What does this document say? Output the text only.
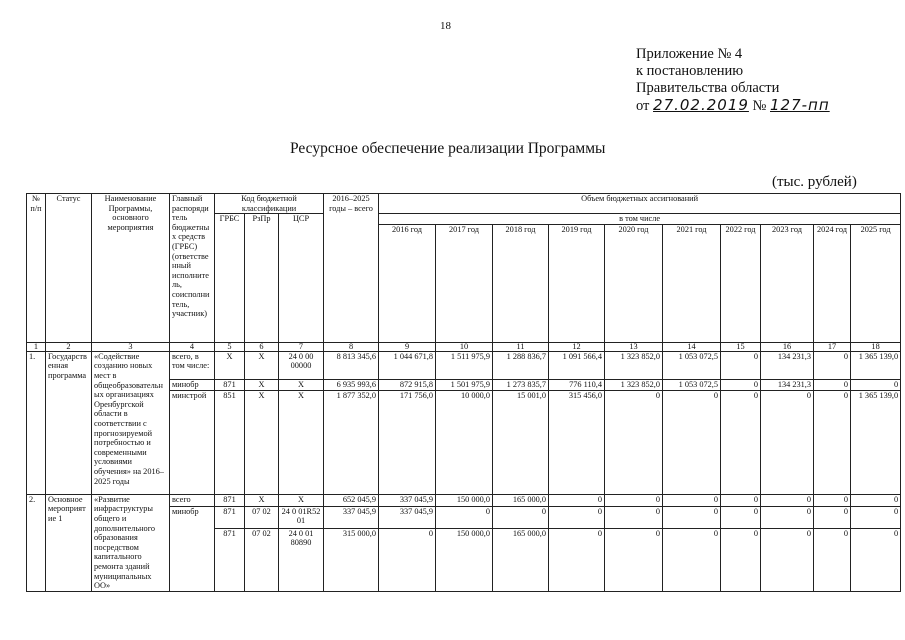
18
Приложение № 4
к постановлению
Правительства области
от 27.02.2019 № 127-пп
Ресурсное обеспечение реализации Программы
(тыс. рублей)
№ п/п	Статус	Наименование Программы, основного мероприятия	Главный распорядитель бюджетных средств (ГРБС) (ответственный исполнитель, соисполнитель, участник)	Код бюджетной классификации			2016–2025 годы – всего	Объем бюджетных ассигнований									
				ГРБС	РзПр	ЦСР		в том числе									
								2016 год	2017 год	2018 год	2019 год	2020 год	2021 год	2022 год	2023 год	2024 год	2025 год
1	2	3	4	5	6	7	8	9	10	11	12	13	14	15	16	17	18
1.	Государственная программа	«Содействие созданию новых мест в общеобразовательных организациях Оренбургской области в соответствии с прогнозируемой потребностью и современными условиями обучения» на 2016–2025 годы	всего, в том числе:	X	X	24 0 00 00000	8 813 345,6	1 044 671,8	1 511 975,9	1 288 836,7	1 091 566,4	1 323 852,0	1 053 072,5	0	134 231,3	0	1 365 139,0
			минобр	871	X	X	6 935 993,6	872 915,8	1 501 975,9	1 273 835,7	776 110,4	1 323 852,0	1 053 072,5	0	134 231,3	0	0
			минстрой	851	X	X	1 877 352,0	171 756,0	10 000,0	15 001,0	315 456,0	0	0	0	0	0	1 365 139,0
2.	Основное мероприятие 1	«Развитие инфраструктуры общего и дополнительного образования посредством капитального ремонта зданий муниципальных ОО»	всего	871	X	X	652 045,9	337 045,9	150 000,0	165 000,0	0	0	0	0	0	0	0
			минобр	871	07 02	24 0 01R52 01	337 045,9	337 045,9	0	0	0	0	0	0	0	0	0
				871	07 02	24 0 01 80890	315 000,0	0	150 000,0	165 000,0	0	0	0	0	0	0	0
